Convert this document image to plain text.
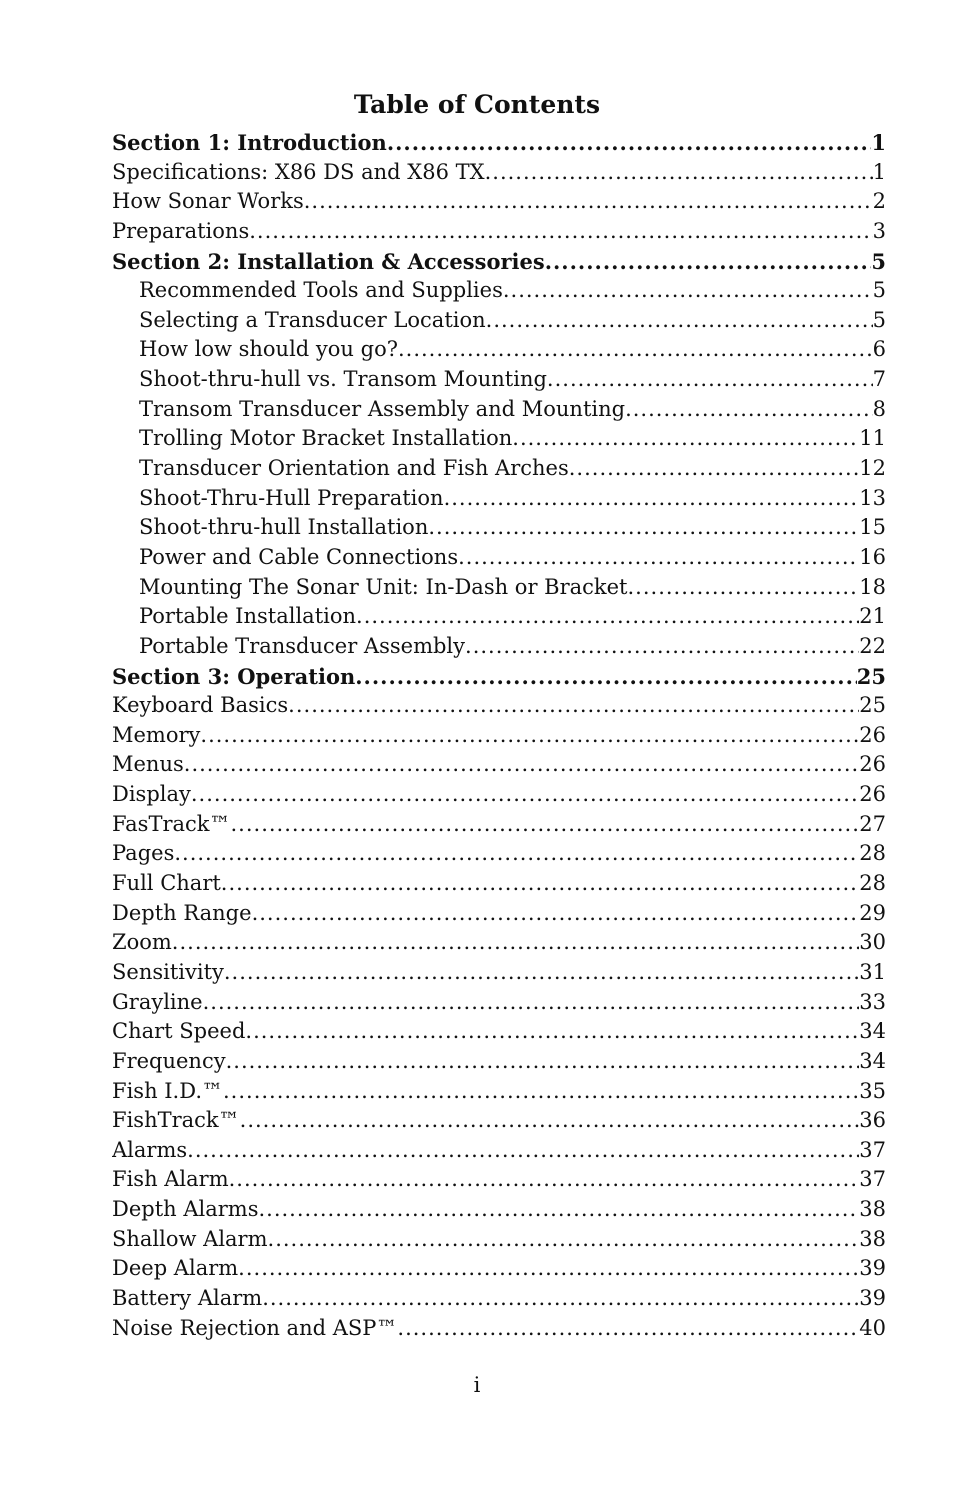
Table of Contents
Section 1: Introduction .....	1
Specifications: X86 DS and X86 TX .....	1
How Sonar Works .....	2
Preparations .....	3
Section 2: Installation & Accessories .....	5
Recommended Tools and Supplies .....	5
Selecting a Transducer Location .....	5
How low should you go? .....	6
Shoot-thru-hull vs. Transom Mounting .....	7
Transom Transducer Assembly and Mounting .....	8
Trolling Motor Bracket Installation .....	11
Transducer Orientation and Fish Arches .....	12
Shoot-Thru-Hull Preparation .....	13
Shoot-thru-hull Installation .....	15
Power and Cable Connections .....	16
Mounting The Sonar Unit: In-Dash or Bracket .....	18
Portable Installation .....	21
Portable Transducer Assembly .....	22
Section 3: Operation .....	25
Keyboard Basics .....	25
Memory .....	26
Menus .....	26
Display .....	26
FasTrack™ .....	27
Pages .....	28
Full Chart .....	28
Depth Range .....	29
Zoom .....	30
Sensitivity .....	31
Grayline .....	33
Chart Speed .....	34
Frequency .....	34
Fish I.D.™ .....	35
FishTrack™ .....	36
Alarms .....	37
Fish Alarm .....	37
Depth Alarms .....	38
Shallow Alarm .....	38
Deep Alarm .....	39
Battery Alarm .....	39
Noise Rejection and ASP™ .....	40
i
